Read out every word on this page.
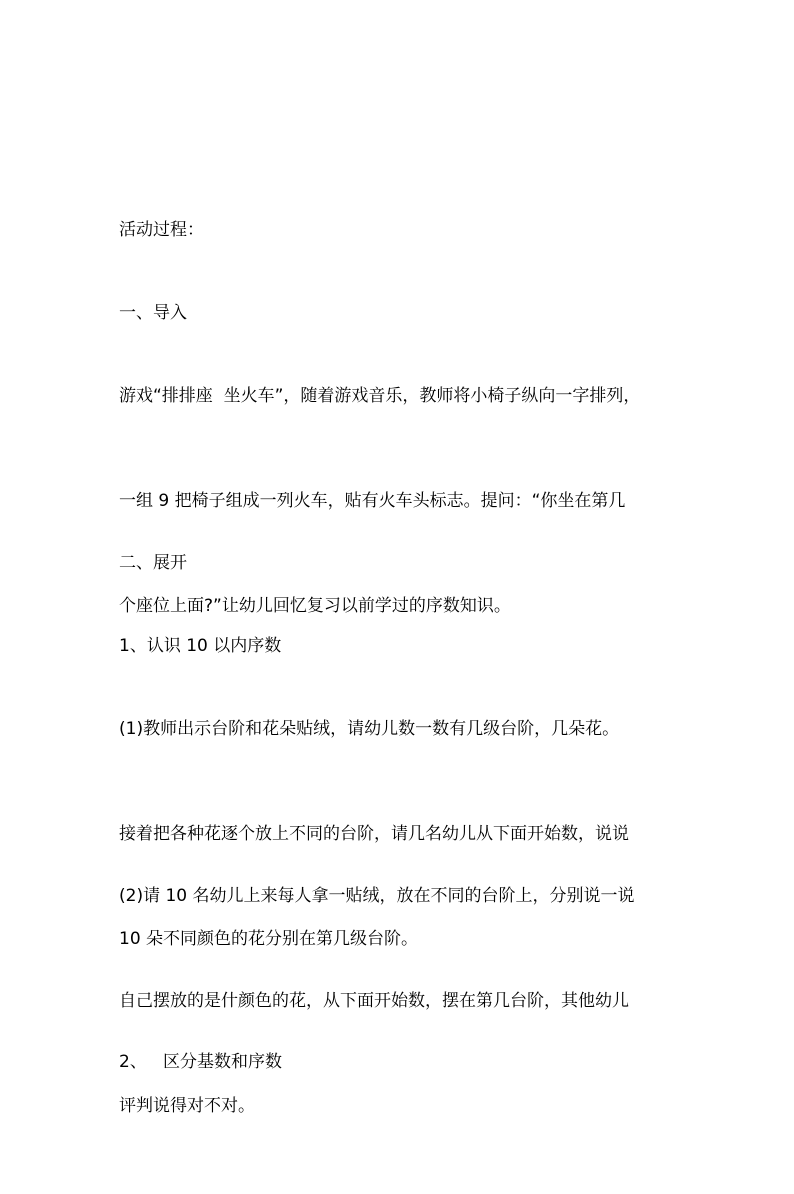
活动过程：

一、导入

游戏“排排座  坐火车”，随着游戏音乐，教师将小椅子纵向一字排列，

一组 9 把椅子组成一列火车，贴有火车头标志。提问：“你坐在第几

个座位上面?”让幼儿回忆复习以前学过的序数知识。

二、展开

1、认识 10 以内序数

(1)教师出示台阶和花朵贴绒，请幼儿数一数有几级台阶，几朵花。

接着把各种花逐个放上不同的台阶，请几名幼儿从下面开始数，说说

10 朵不同颜色的花分别在第几级台阶。

(2)请 10 名幼儿上来每人拿一贴绒，放在不同的台阶上，分别说一说

自己摆放的是什颜色的花，从下面开始数，摆在第几台阶，其他幼儿

评判说得对不对。

2、   区分基数和序数
